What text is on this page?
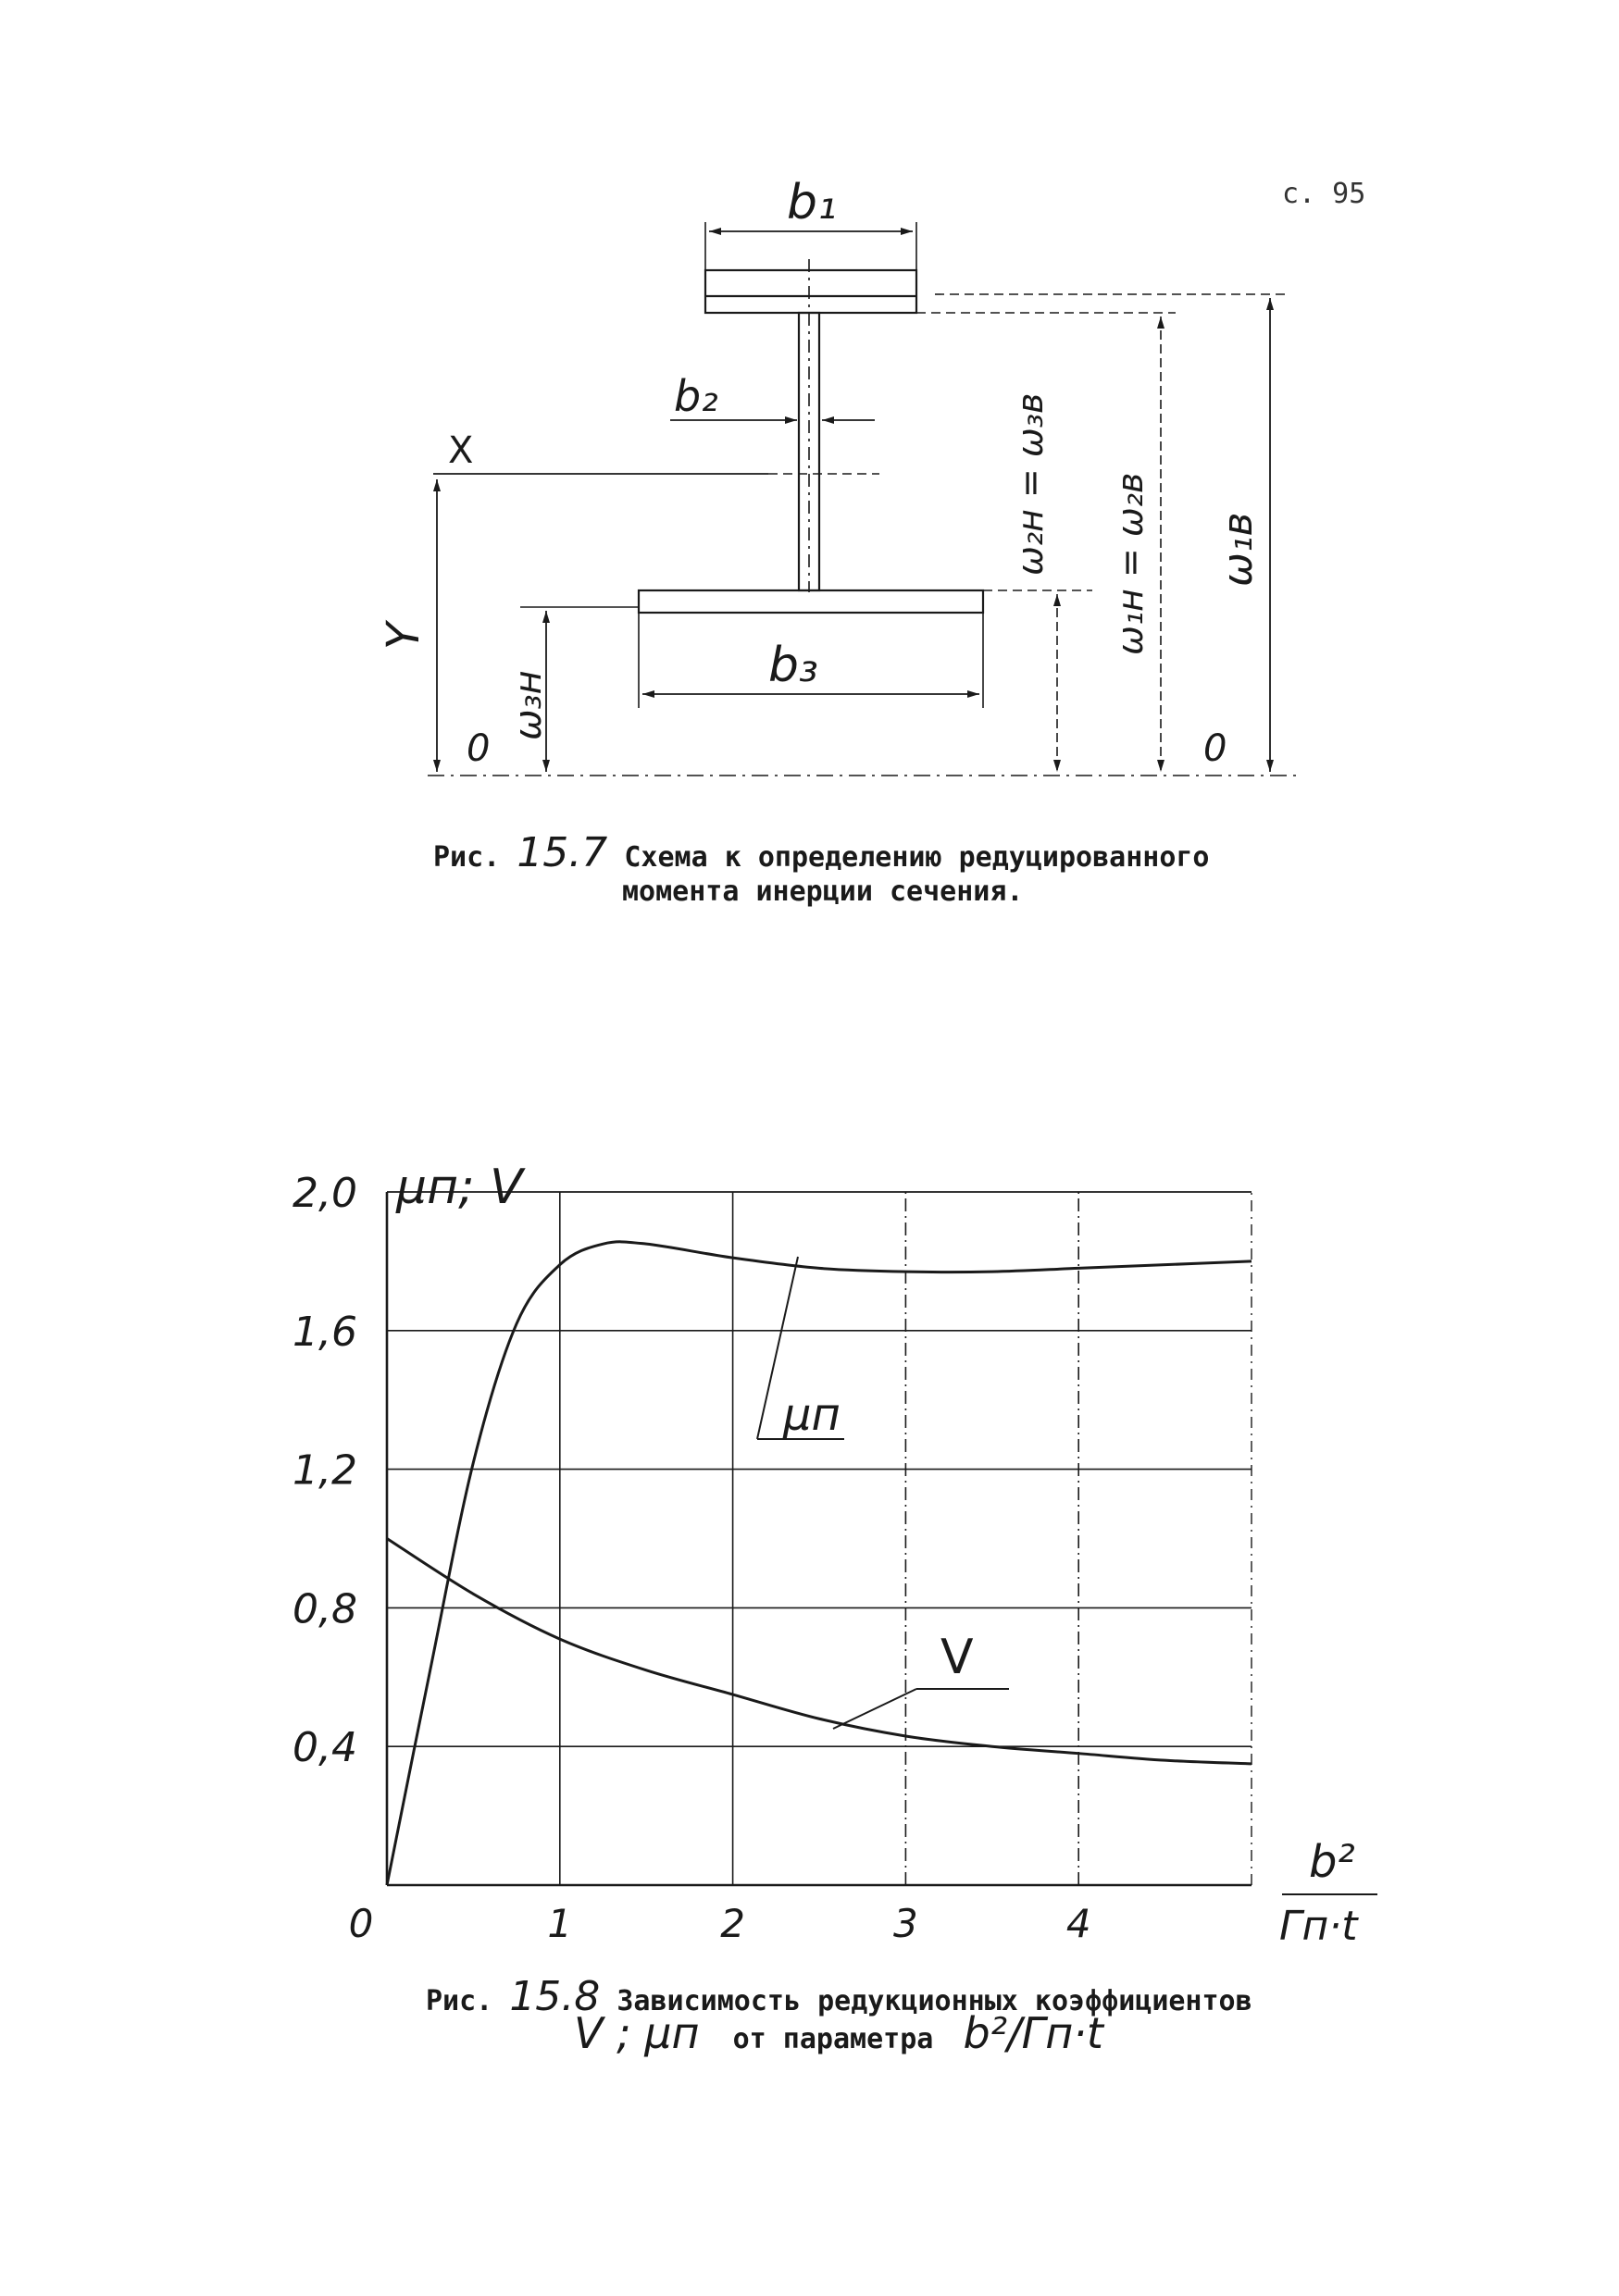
с. 95
b₁
b₂
b₃
X
Y
ω₃н
ω₂н = ω₃в ω₁н = ω₂в ω₁в
0	0
Рис. 15.7 Схема к определению редуцированного
момента инерции сечения.
0,4
0,8
1,2
1,6
2,0
0	1	2	3	4
μп; V
b²
Гп·t
μп
V
Рис. 15.8 Зависимость редукционных коэффициентов
V ; μп от параметра b²/Гп·t
